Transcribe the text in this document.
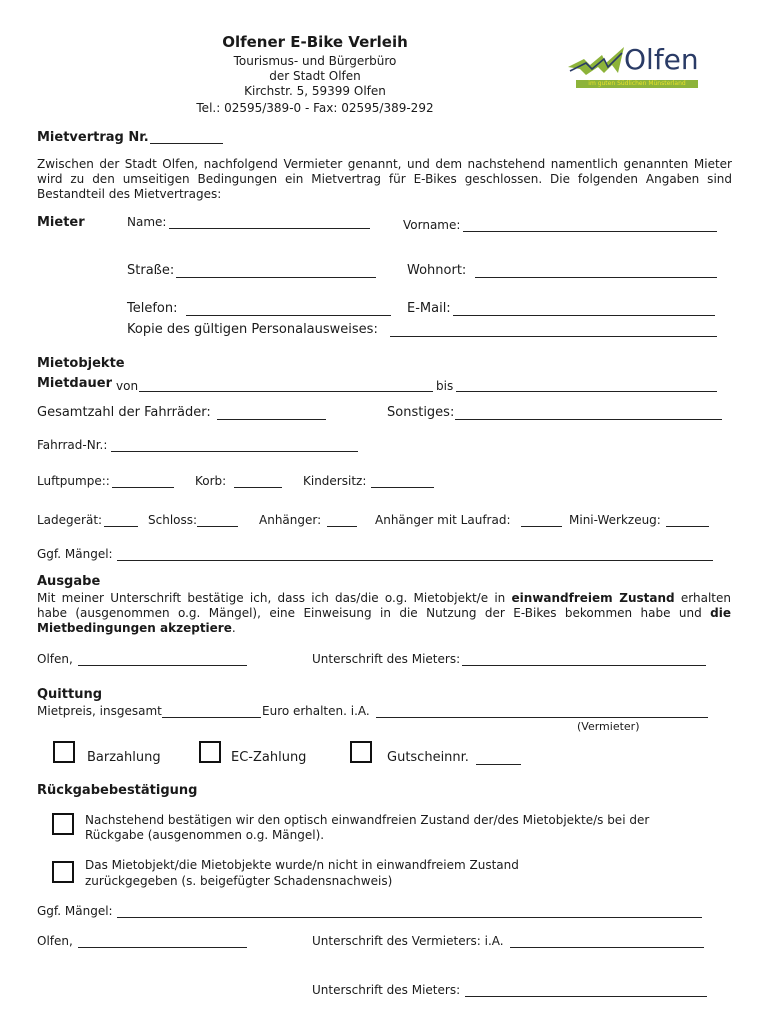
Olfener E-Bike Verleih
Tourismus- und Bürgerbüro
der Stadt Olfen
Kirchstr. 5, 59399 Olfen
Tel.: 02595/389-0 - Fax: 02595/389-292
Olfen
im guten Südlichen Münsterland
Mietvertrag Nr.
Zwischen der Stadt Olfen, nachfolgend Vermieter genannt, und dem nachstehend namentlich genannten Mieter wird zu den umseitigen Bedingungen ein Mietvertrag für E-Bikes geschlossen. Die folgenden Angaben sind Bestandteil des Mietvertrages:
Mieter	Name:	Vorname:
Straße:	Wohnort:
Telefon:	E-Mail:
Kopie des gültigen Personalausweises:
Mietobjekte
Mietdauer von	bis
Gesamtzahl der Fahrräder:	Sonstiges:
Fahrrad-Nr.:
Luftpumpe::	Korb:	Kindersitz:
Ladegerät:	Schloss:	Anhänger:	Anhänger mit Laufrad:	Mini-Werkzeug:
Ggf. Mängel:
Ausgabe
Mit meiner Unterschrift bestätige ich, dass ich das/die o.g. Mietobjekt/e in einwandfreiem Zustand erhalten habe (ausgenommen o.g. Mängel), eine Einweisung in die Nutzung der E-Bikes bekommen habe und die Mietbedingungen akzeptiere.
Olfen,	Unterschrift des Mieters:
Quittung
Mietpreis, insgesamt	Euro erhalten. i.A.
(Vermieter)
Barzahlung	EC-Zahlung	Gutscheinnr.
Rückgabebestätigung
Nachstehend bestätigen wir den optisch einwandfreien Zustand der/des Mietobjekte/s bei der
Rückgabe (ausgenommen o.g. Mängel).
Das Mietobjekt/die Mietobjekte wurde/n nicht in einwandfreiem Zustand
zurückgegeben (s. beigefügter Schadensnachweis)
Ggf. Mängel:
Olfen,	Unterschrift des Vermieters: i.A.
Unterschrift des Mieters:
